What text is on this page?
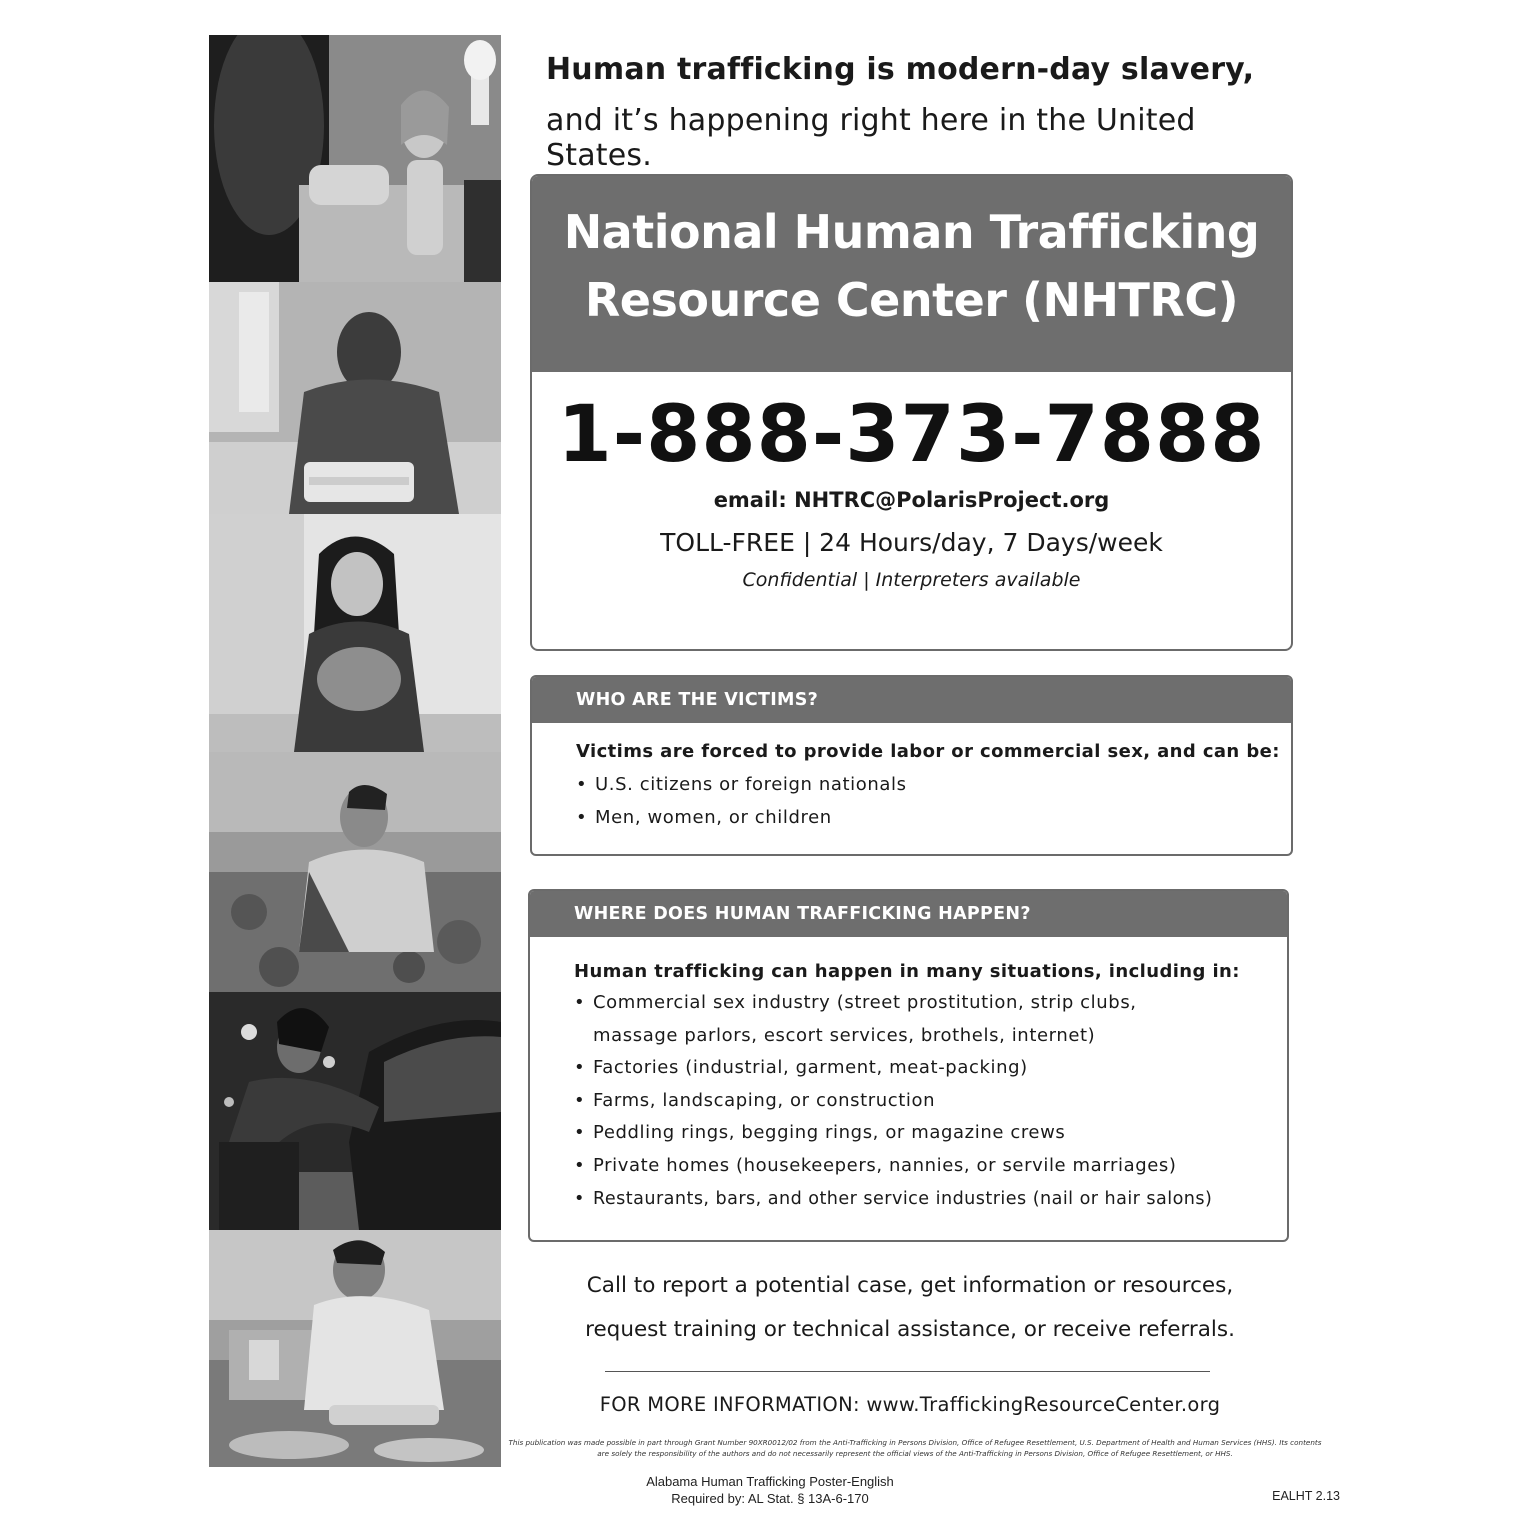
Human trafficking is modern-day slavery,
and it’s happening right here in the United States.
National Human Trafficking
Resource Center (NHTRC)
1-888-373-7888
email: NHTRC@PolarisProject.org
TOLL-FREE | 24 Hours/day, 7 Days/week
Confidential | Interpreters available
WHO ARE THE VICTIMS?
Victims are forced to provide labor or commercial sex, and can be:
• U.S. citizens or foreign nationals
• Men, women, or children
WHERE DOES HUMAN TRAFFICKING HAPPEN?
Human trafficking can happen in many situations, including in:
• Commercial sex industry (street prostitution, strip clubs, massage parlors, escort services, brothels, internet)
• Factories (industrial, garment, meat-packing)
• Farms, landscaping, or construction
• Peddling rings, begging rings, or magazine crews
• Private homes (housekeepers, nannies, or servile marriages)
• Restaurants, bars, and other service industries (nail or hair salons)
Call to report a potential case, get information or resources,
request training or technical assistance, or receive referrals.
FOR MORE INFORMATION: www.TraffickingResourceCenter.org
This publication was made possible in part through Grant Number 90XR0012/02 from the Anti-Trafficking in Persons Division, Office of Refugee Resettlement, U.S. Department of Health and Human Services (HHS). Its contents are solely the responsibility of the authors and do not necessarily represent the official views of the Anti-Trafficking in Persons Division, Office of Refugee Resettlement, or HHS.
Alabama Human Trafficking Poster-English
Required by: AL Stat. § 13A-6-170	EALHT 2.13
